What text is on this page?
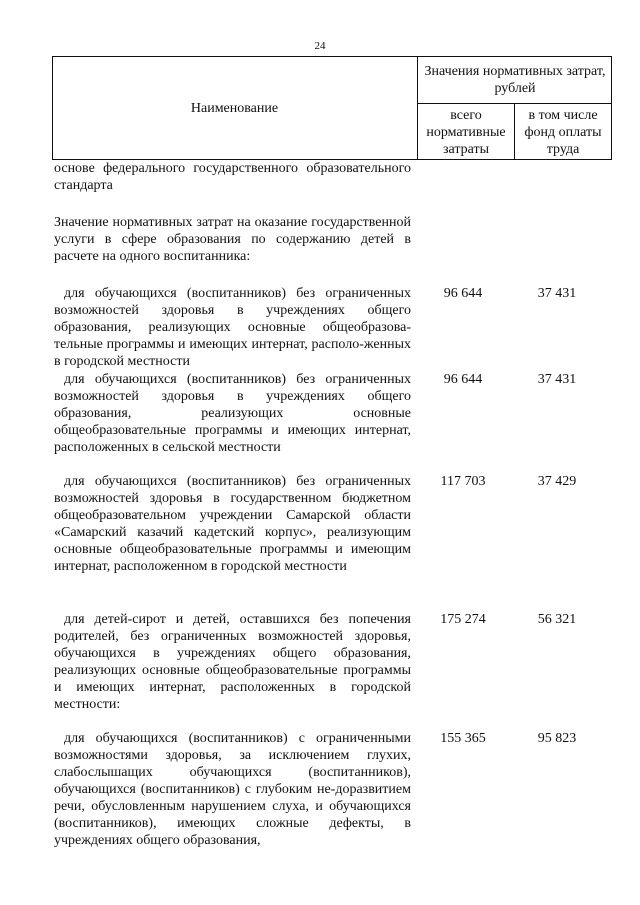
24
Наименование
Значения нормативных затрат, рублей
всего нормативные затраты
в том числе фонд оплаты труда
основе федерального государственного образовательного стандарта
Значение нормативных затрат на оказание государственной услуги в сфере образования по содержанию детей в расчете на одного воспитанника:
для обучающихся (воспитанников) без ограниченных возможностей здоровья в учреждениях общего образования, реализующих основные общеобразова-тельные программы и имеющих интернат, располо-женных в городской местности
96 644	37 431
для обучающихся (воспитанников) без ограниченных возможностей здоровья в учреждениях общего образования, реализующих основные общеобразовательные программы и имеющих интернат, расположенных в сельской местности
96 644	37 431
для обучающихся (воспитанников) без ограниченных возможностей здоровья в государственном бюджетном общеобразовательном учреждении Самарской области «Самарский казачий кадетский корпус», реализующим основные общеобразовательные программы и имеющим интернат, расположенном в городской местности
117 703	37 429
для детей-сирот и детей, оставшихся без попечения родителей, без ограниченных возможностей здоровья, обучающихся в учреждениях общего образования, реализующих основные общеобразовательные программы и имеющих интернат, расположенных в городской местности:
175 274	56 321
для обучающихся (воспитанников) с ограниченными возможностями здоровья, за исключением глухих, слабослышащих обучающихся (воспитанников), обучающихся (воспитанников) с глубоким не-доразвитием речи, обусловленным нарушением слуха, и обучающихся (воспитанников), имеющих сложные дефекты, в учреждениях общего образования,
155 365	95 823
